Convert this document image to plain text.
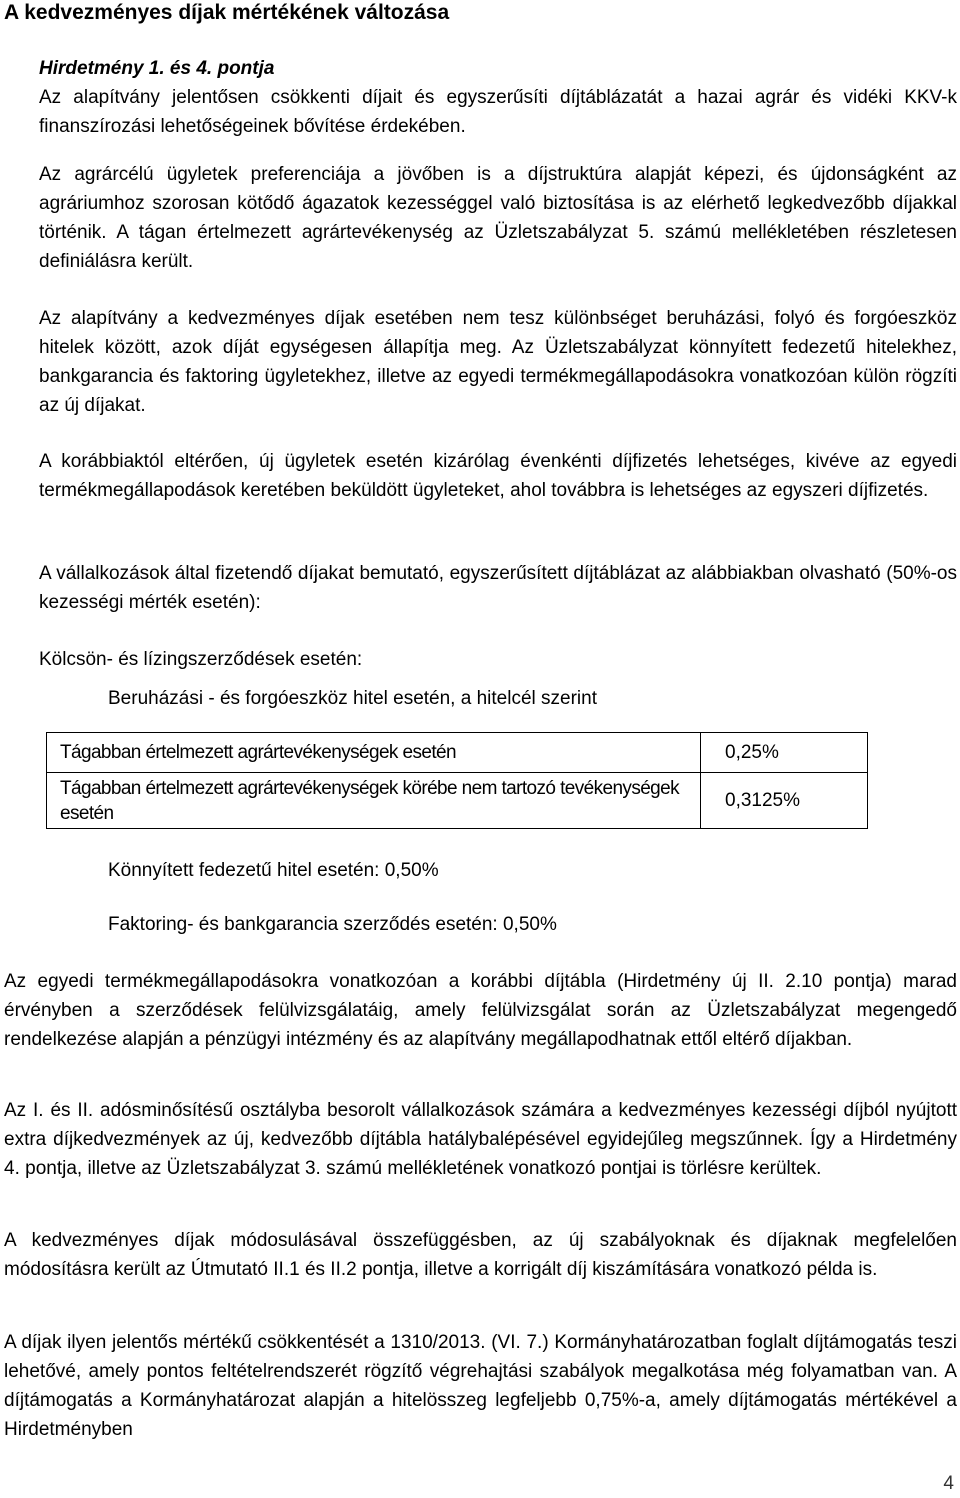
A kedvezményes díjak mértékének változása
Hirdetmény 1. és 4. pontja

Az alapítvány jelentősen csökkenti díjait és egyszerűsíti díjtáblázatát a hazai agrár és vidéki KKV-k finanszírozási lehetőségeinek bővítése érdekében.

Az agrárcélú ügyletek preferenciája a jövőben is a díjstruktúra alapját képezi, és újdonságként az agráriumhoz szorosan kötődő ágazatok kezességgel való biztosítása is az elérhető legkedvezőbb díjakkal történik. A tágan értelmezett agrártevékenység az Üzletszabályzat 5. számú mellékletében részletesen definiálásra került.

Az alapítvány a kedvezményes díjak esetében nem tesz különbséget beruházási, folyó és forgóeszköz hitelek között, azok díját egységesen állapítja meg. Az Üzletszabályzat könnyített fedezetű hitelekhez, bankgarancia és faktoring ügyletekhez, illetve az egyedi termékmegállapodásokra vonatkozóan külön rögzíti az új díjakat.

A korábbiaktól eltérően, új ügyletek esetén kizárólag évenkénti díjfizetés lehetséges, kivéve az egyedi termékmegállapodások keretében beküldött ügyleteket, ahol továbbra is lehetséges az egyszeri díjfizetés.

A vállalkozások által fizetendő díjakat bemutató, egyszerűsített díjtáblázat az alábbiakban olvasható (50%-os kezességi mérték esetén):

Kölcsön- és lízingszerződések esetén:

Beruházási - és forgóeszköz hitel esetén, a hitelcél szerint
Tágabban értelmezett agrártevékenységek esetén	0,25%
Tágabban értelmezett agrártevékenységek körébe nem tartozó tevékenységek esetén	0,3125%
Könnyített fedezetű hitel esetén: 0,50%
Faktoring- és bankgarancia szerződés esetén: 0,50%

Az egyedi termékmegállapodásokra vonatkozóan a korábbi díjtábla (Hirdetmény új II. 2.10 pontja) marad érvényben a szerződések felülvizsgálatáig, amely felülvizsgálat során az Üzletszabályzat megengedő rendelkezése alapján a pénzügyi intézmény és az alapítvány megállapodhatnak ettől eltérő díjakban.

Az I. és II. adósminősítésű osztályba besorolt vállalkozások számára a kedvezményes kezességi díjból nyújtott extra díjkedvezmények az új, kedvezőbb díjtábla hatálybalépésével egyidejűleg megszűnnek. Így a Hirdetmény 4. pontja, illetve az Üzletszabályzat 3. számú mellékletének vonatkozó pontjai is törlésre kerültek.

A kedvezményes díjak módosulásával összefüggésben, az új szabályoknak és díjaknak megfelelően módosításra került az Útmutató II.1 és II.2 pontja, illetve a korrigált díj kiszámítására vonatkozó példa is.

A díjak ilyen jelentős mértékű csökkentését a 1310/2013. (VI. 7.) Kormányhatározatban foglalt díjtámogatás teszi lehetővé, amely pontos feltételrendszerét rögzítő végrehajtási szabályok megalkotása még folyamatban van. A díjtámogatás a Kormányhatározat alapján a hitelösszeg legfeljebb 0,75%-a, amely díjtámogatás mértékével a Hirdetményben

4
